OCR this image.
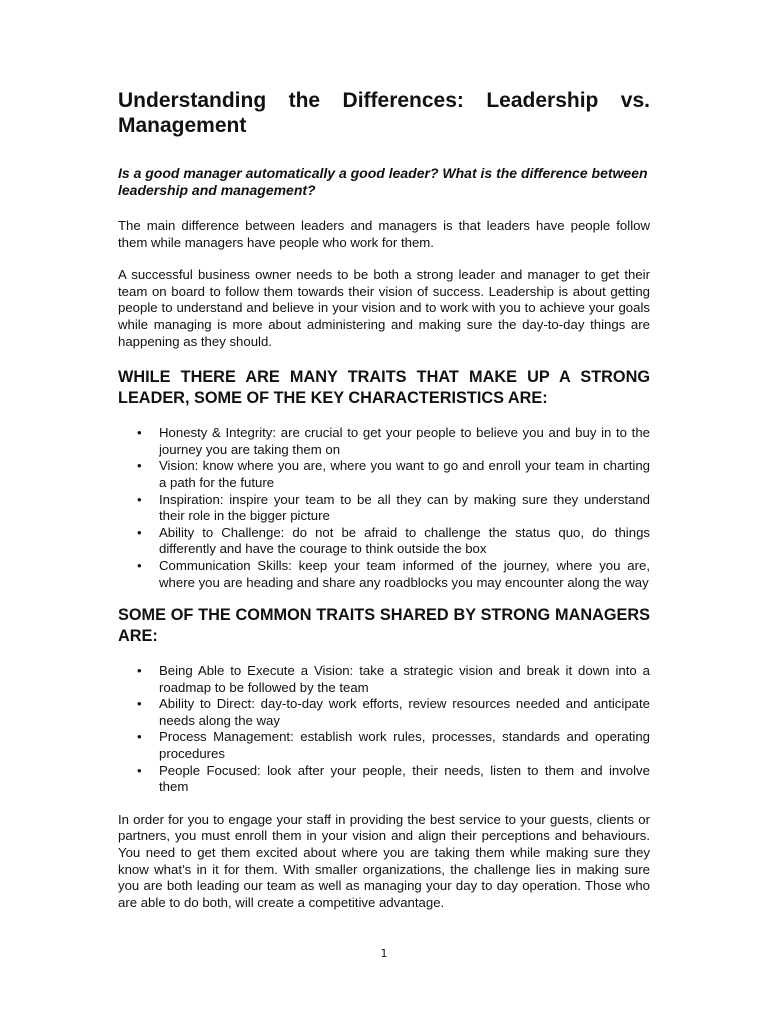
Understanding the Differences: Leadership vs. Management
Is a good manager automatically a good leader? What is the difference between leadership and management?

The main difference between leaders and managers is that leaders have people follow them while managers have people who work for them.

A successful business owner needs to be both a strong leader and manager to get their team on board to follow them towards their vision of success. Leadership is about getting people to understand and believe in your vision and to work with you to achieve your goals while managing is more about administering and making sure the day-to-day things are happening as they should.

WHILE THERE ARE MANY TRAITS THAT MAKE UP A STRONG LEADER, SOME OF THE KEY CHARACTERISTICS ARE:
• Honesty & Integrity: are crucial to get your people to believe you and buy in to the journey you are taking them on
• Vision: know where you are, where you want to go and enroll your team in charting a path for the future
• Inspiration: inspire your team to be all they can by making sure they understand their role in the bigger picture
• Ability to Challenge: do not be afraid to challenge the status quo, do things differently and have the courage to think outside the box
• Communication Skills: keep your team informed of the journey, where you are, where you are heading and share any roadblocks you may encounter along the way
SOME OF THE COMMON TRAITS SHARED BY STRONG MANAGERS ARE:
• Being Able to Execute a Vision: take a strategic vision and break it down into a roadmap to be followed by the team
• Ability to Direct: day-to-day work efforts, review resources needed and anticipate needs along the way
• Process Management: establish work rules, processes, standards and operating procedures
• People Focused: look after your people, their needs, listen to them and involve them

In order for you to engage your staff in providing the best service to your guests, clients or partners, you must enroll them in your vision and align their perceptions and behaviours. You need to get them excited about where you are taking them while making sure they know what’s in it for them. With smaller organizations, the challenge lies in making sure you are both leading our team as well as managing your day to day operation. Those who are able to do both, will create a competitive advantage.

1
